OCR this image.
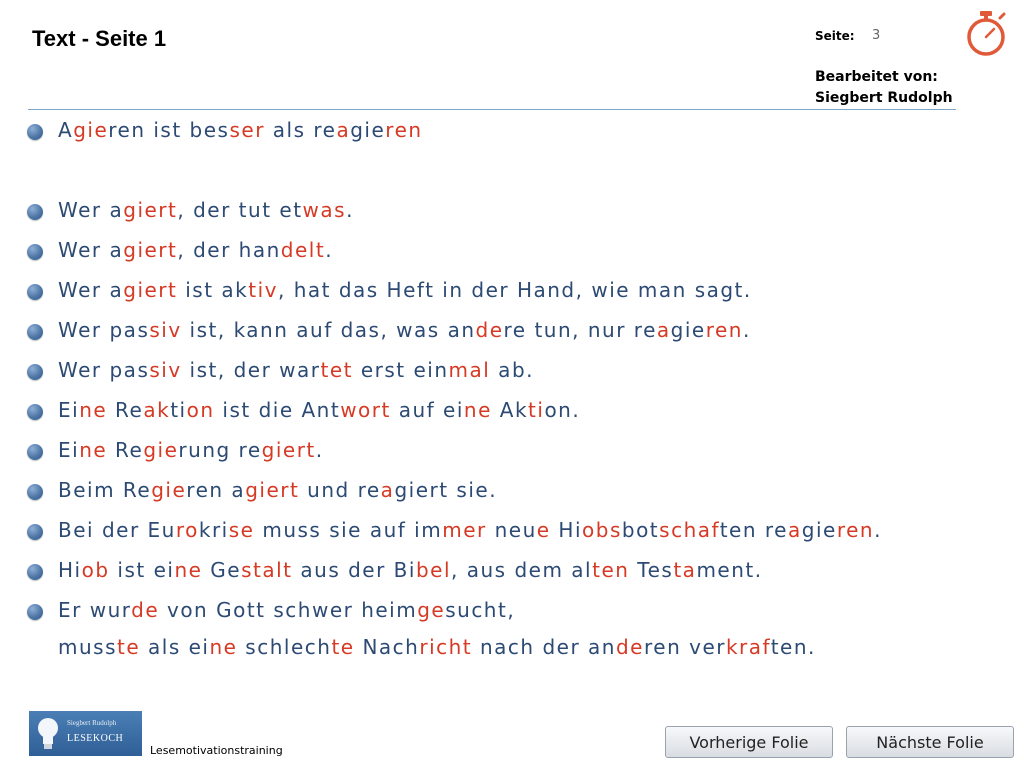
Text - Seite 1	Seite: 3
Bearbeitet von:
Siegbert Rudolph
Agieren ist besser als reagieren
Wer agiert, der tut etwas.
Wer agiert, der handelt.
Wer agiert ist aktiv, hat das Heft in der Hand, wie man sagt.
Wer passiv ist, kann auf das, was andere tun, nur reagieren.
Wer passiv ist, der wartet erst einmal ab.
Eine Reaktion ist die Antwort auf eine Aktion.
Eine Regierung regiert.
Beim Regieren agiert und reagiert sie.
Bei der Eurokrise muss sie auf immer neue Hiobsbotschaften reagieren.
Hiob ist eine Gestalt aus der Bibel, aus dem alten Testament.
Er wurde von Gott schwer heimgesucht,
musste als eine schlechte Nachricht nach der anderen verkraften.
Siegbert Rudolph
LESEKOCH
Lesemotivationstraining	Vorherige Folie	Nächste Folie
